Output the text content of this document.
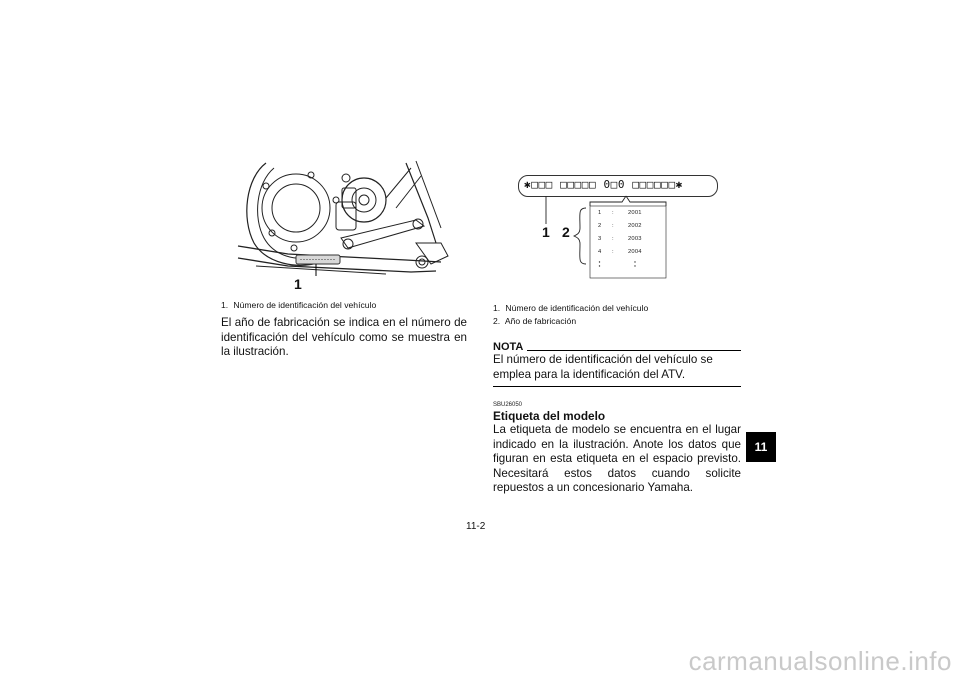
1
1. Número de identificación del vehículo
El año de fabricación se indica en el número de identificación del vehículo como se muestra en la ilustración.
✱□□□ □□□□□ 0□0 □□□□□□✱
1 2
1 : 2001
2 : 2002
3 : 2003
4 : 2004
1. Número de identificación del vehículo
2. Año de fabricación
NOTA
El número de identificación del vehículo se emplea para la identificación del ATV.
SBU26050
Etiqueta del modelo
La etiqueta de modelo se encuentra en el lugar indicado en la ilustración. Anote los datos que figuran en esta etiqueta en el espacio previsto. Necesitará estos datos cuando solicite repuestos a un concesionario Yamaha.
11
11-2
carmanualsonline.info
